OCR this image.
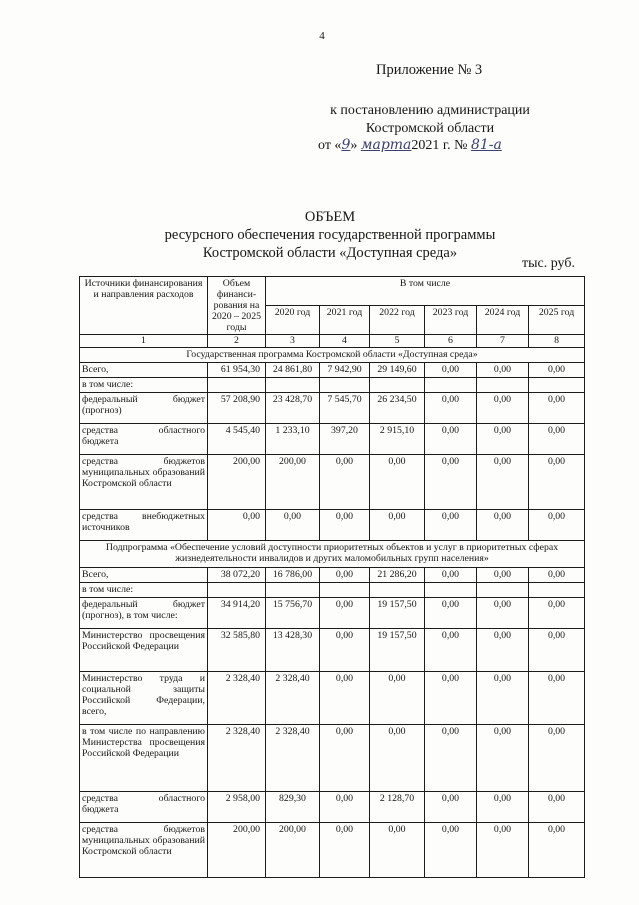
4
Приложение № 3
к постановлению администрации
Костромской области
от «9» марта2021 г. № 81-а
ОБЪЕМ
ресурсного обеспечения государственной программы
Костромской области «Доступная среда»
тыс. руб.
Источники финансирования и направления расходов	Объем финанси-рования на 2020 – 2025 годы	В том числе					
		2020 год	2021 год	2022 год	2023 год	2024 год	2025 год
1	2	3	4	5	6	7	8
Государственная программа Костромской области «Доступная среда»							
Всего,	61 954,30	24 861,80	7 942,90	29 149,60	0,00	0,00	0,00
в том числе:							
федеральный бюджет (прогноз)	57 208,90	23 428,70	7 545,70	26 234,50	0,00	0,00	0,00
средства областного бюджета	4 545,40	1 233,10	397,20	2 915,10	0,00	0,00	0,00
средства бюджетов муниципальных образований Костромской области	200,00	200,00	0,00	0,00	0,00	0,00	0,00
средства внебюджетных источников	0,00	0,00	0,00	0,00	0,00	0,00	0,00
Подпрограмма «Обеспечение условий доступности приоритетных объектов и услуг в приоритетных сферах жизнедеятельности инвалидов и других маломобильных групп населения»							
Всего,	38 072,20	16 786,00	0,00	21 286,20	0,00	0,00	0,00
в том числе:							
федеральный бюджет (прогноз), в том числе:	34 914,20	15 756,70	0,00	19 157,50	0,00	0,00	0,00
Министерство просвещения Российской Федерации	32 585,80	13 428,30	0,00	19 157,50	0,00	0,00	0,00
Министерство труда и социальной защиты Российской Федерации, всего,	2 328,40	2 328,40	0,00	0,00	0,00	0,00	0,00
в том числе по направлению Министерства просвещения Российской Федерации	2 328,40	2 328,40	0,00	0,00	0,00	0,00	0,00
средства областного бюджета	2 958,00	829,30	0,00	2 128,70	0,00	0,00	0,00
средства бюджетов муниципальных образований Костромской области	200,00	200,00	0,00	0,00	0,00	0,00	0,00
